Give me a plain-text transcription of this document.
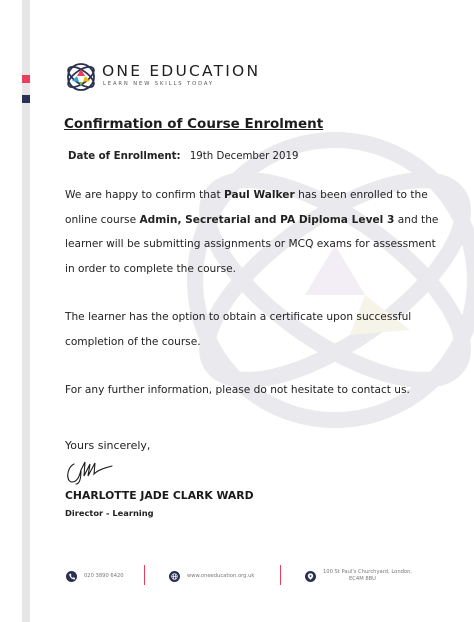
ONE EDUCATION
LEARN NEW SKILLS TODAY
Confirmation of Course Enrolment
Date of Enrollment: 19th December 2019

We are happy to confirm that Paul Walker has been enrolled to the online course Admin, Secretarial and PA Diploma Level 3 and the learner will be submitting assignments or MCQ exams for assessment in order to complete the course.

The learner has the option to obtain a certificate upon successful completion of the course.

For any further information, please do not hesitate to contact us.

Yours sincerely,
CHARLOTTE JADE CLARK WARD
Director - Learning
020 3890 6420	www.oneeducation.org.uk
100 St Paul's Churchyard, London,
EC4M 8BU
